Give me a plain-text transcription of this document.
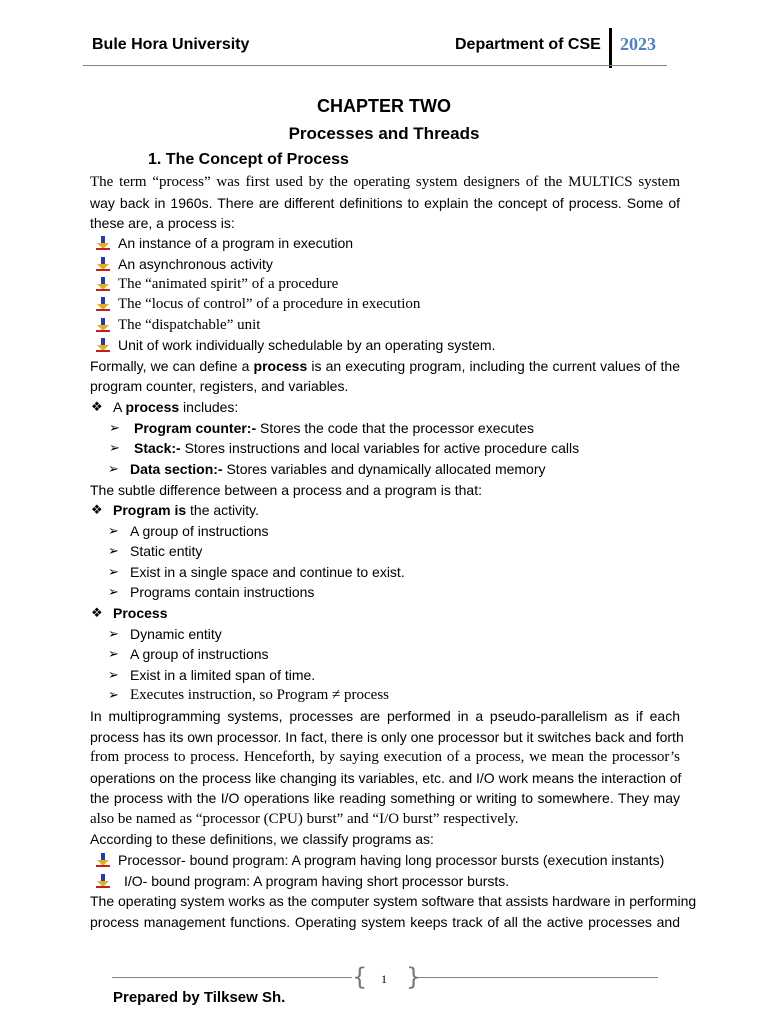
Bule Hora University	Department of CSE 2023
CHAPTER TWO
Processes and Threads
1. The Concept of Process
The term “process” was first used by the operating system designers of the MULTICS system
way back in 1960s. There are different definitions to explain the concept of process. Some of
these are, a process is:
An instance of a program in execution
An asynchronous activity
The “animated spirit” of a procedure
The “locus of control” of a procedure in execution
The “dispatchable” unit
Unit of work individually schedulable by an operating system.
Formally, we can define a process is an executing program, including the current values of the
program counter, registers, and variables.
❖ A process includes:
➢ Program counter:- Stores the code that the processor executes
➢ Stack:- Stores instructions and local variables for active procedure calls
➢ Data section:- Stores variables and dynamically allocated memory
The subtle difference between a process and a program is that:
❖ Program is the activity.
➢ A group of instructions
➢ Static entity
➢ Exist in a single space and continue to exist.
➢ Programs contain instructions
❖ Process
➢ Dynamic entity
➢ A group of instructions
➢ Exist in a limited span of time.
➢ Executes instruction, so Program ≠ process
In multiprogramming systems, processes are performed in a pseudo-parallelism as if each
process has its own processor. In fact, there is only one processor but it switches back and forth
from process to process. Henceforth, by saying execution of a process, we mean the processor’s
operations on the process like changing its variables, etc. and I/O work means the interaction of
the process with the I/O operations like reading something or writing to somewhere. They may
also be named as “processor (CPU) burst” and “I/O burst” respectively.
According to these definitions, we classify programs as:
Processor- bound program: A program having long processor bursts (execution instants)
I/O- bound program: A program having short processor bursts.
The operating system works as the computer system software that assists hardware in performing
process management functions. Operating system keeps track of all the active processes and
{	1 }
Prepared by Tilksew Sh.
